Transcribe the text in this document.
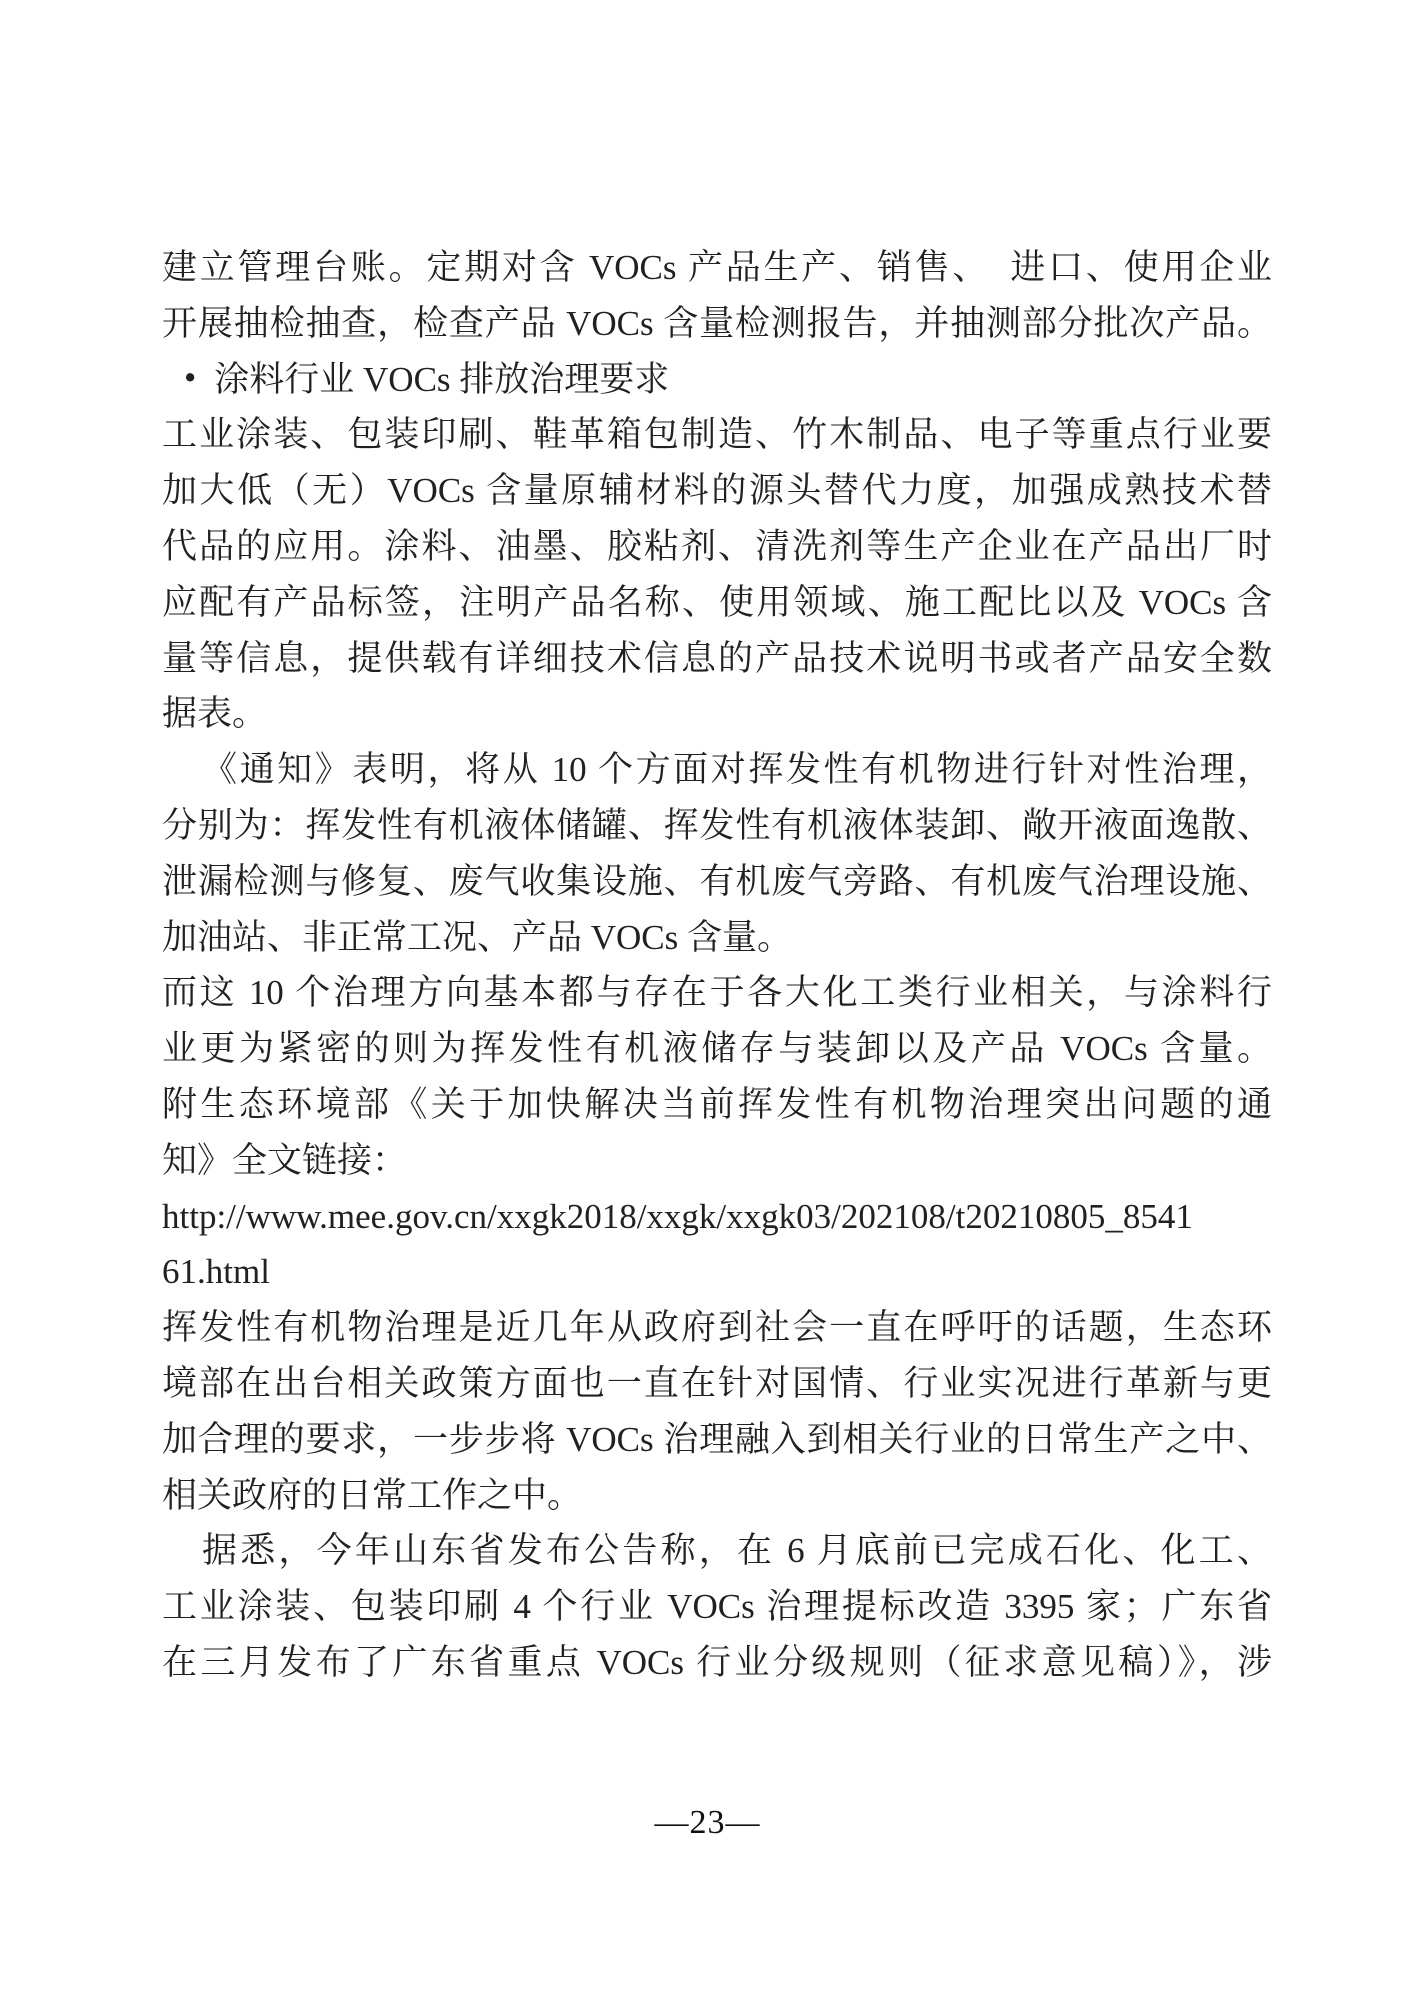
建立管理台账。定期对含 VOCs 产品生产、销售、　进口、使用企业
开展抽检抽查，检查产品 VOCs 含量检测报告，并抽测部分批次产品。
• 涂料行业 VOCs 排放治理要求
工业涂装、包装印刷、鞋革箱包制造、竹木制品、电子等重点行业要
加大低（无）VOCs 含量原辅材料的源头替代力度，加强成熟技术替
代品的应用。涂料、油墨、胶粘剂、清洗剂等生产企业在产品出厂时
应配有产品标签，注明产品名称、使用领域、施工配比以及 VOCs 含
量等信息，提供载有详细技术信息的产品技术说明书或者产品安全数
据表。
《通知》表明，将从 10 个方面对挥发性有机物进行针对性治理，
分别为：挥发性有机液体储罐、挥发性有机液体装卸、敞开液面逸散、
泄漏检测与修复、废气收集设施、有机废气旁路、有机废气治理设施、
加油站、非正常工况、产品 VOCs 含量。
而这 10 个治理方向基本都与存在于各大化工类行业相关，与涂料行
业更为紧密的则为挥发性有机液储存与装卸以及产品 VOCs 含量。
附生态环境部《关于加快解决当前挥发性有机物治理突出问题的通
知》全文链接：
http://www.mee.gov.cn/xxgk2018/xxgk/xxgk03/202108/t20210805_8541
61.html
挥发性有机物治理是近几年从政府到社会一直在呼吁的话题，生态环
境部在出台相关政策方面也一直在针对国情、行业实况进行革新与更
加合理的要求，一步步将 VOCs 治理融入到相关行业的日常生产之中、
相关政府的日常工作之中。
据悉，今年山东省发布公告称，在 6 月底前已完成石化、化工、
工业涂装、包装印刷 4 个行业 VOCs 治理提标改造 3395 家；广东省
在三月发布了广东省重点 VOCs 行业分级规则（征求意见稿）》，涉
—23—
